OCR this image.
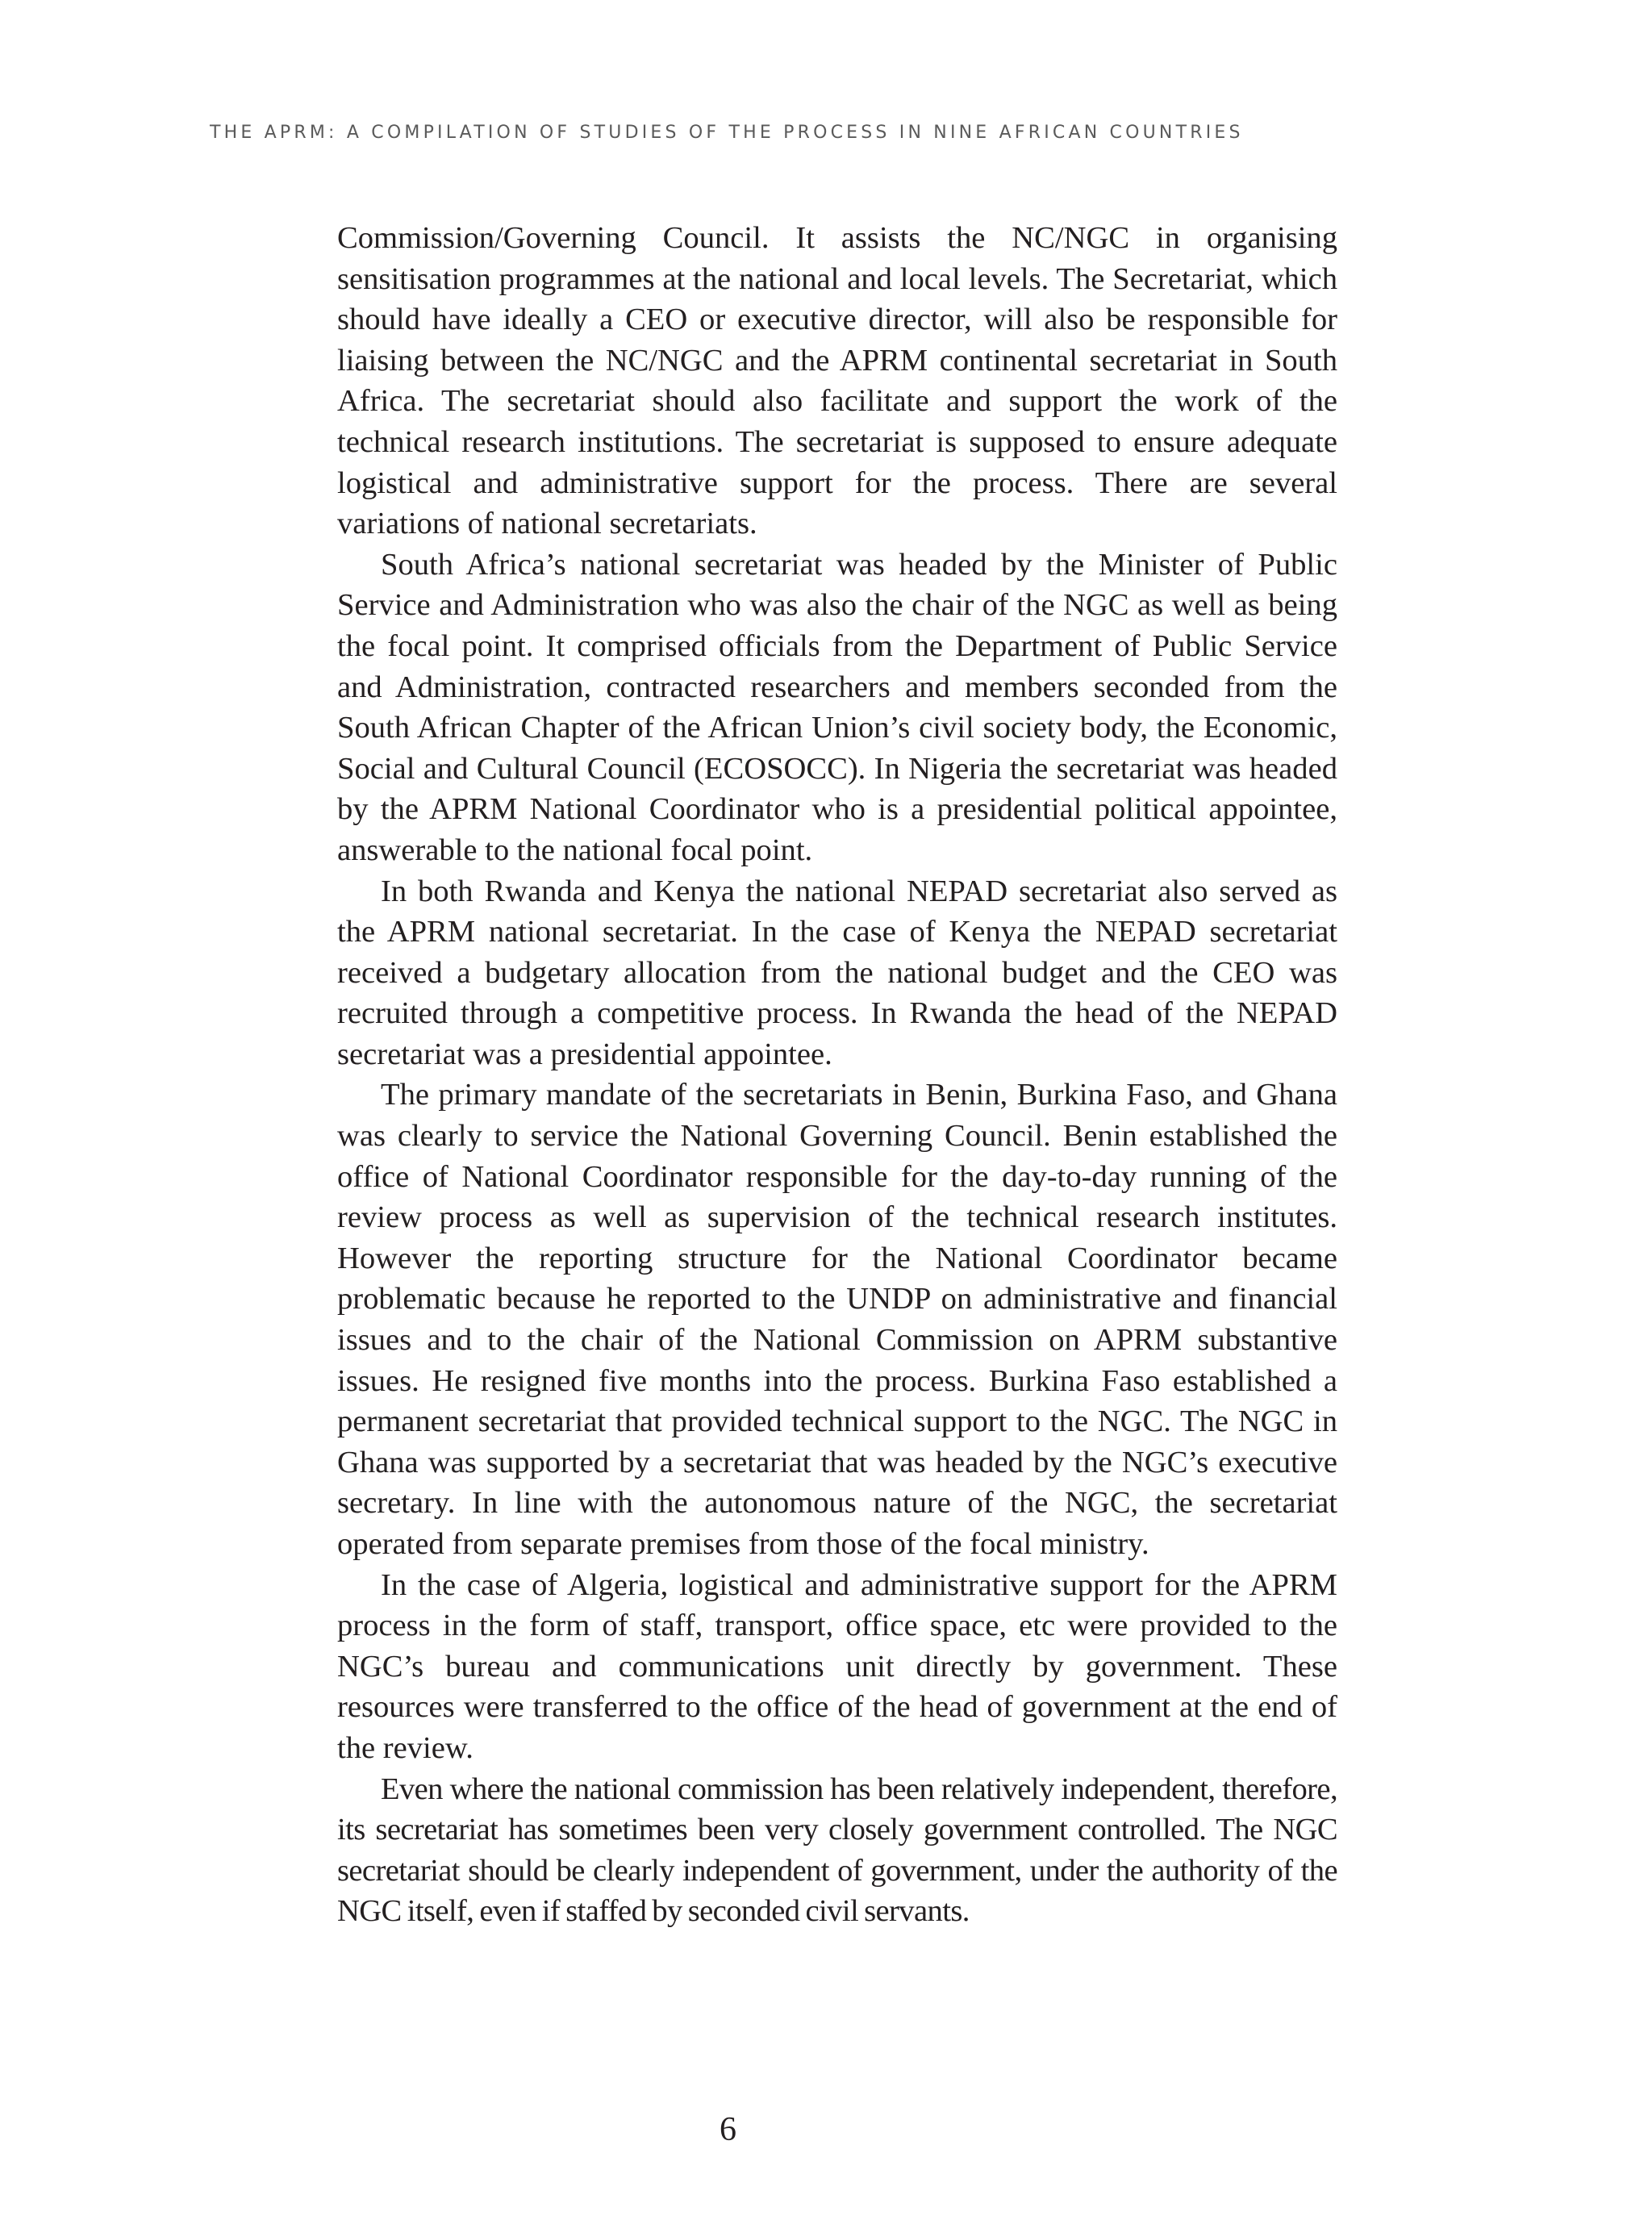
THE APRM: A COMPILATION OF STUDIES OF THE PROCESS IN NINE AFRICAN COUNTRIES

Commission/Governing Council. It assists the NC/NGC in organising sensitisation programmes at the national and local levels. The Secretariat, which should have ideally a CEO or executive director, will also be responsible for liaising between the NC/NGC and the APRM continental secretariat in South Africa. The secretariat should also facilitate and support the work of the technical research institutions. The secretariat is supposed to ensure adequate logistical and administrative support for the process. There are several variations of national secretariats.

South Africa’s national secretariat was headed by the Minister of Public Service and Administration who was also the chair of the NGC as well as being the focal point. It comprised officials from the Department of Public Service and Administration, contracted researchers and members seconded from the South African Chapter of the African Union’s civil society body, the Economic, Social and Cultural Council (ECOSOCC). In Nigeria the secretariat was headed by the APRM National Coordinator who is a presidential political appointee, answerable to the national focal point.

In both Rwanda and Kenya the national NEPAD secretariat also served as the APRM national secretariat. In the case of Kenya the NEPAD secretariat received a budgetary allocation from the national budget and the CEO was recruited through a competitive process. In Rwanda the head of the NEPAD secretariat was a presidential appointee.

The primary mandate of the secretariats in Benin, Burkina Faso, and Ghana was clearly to service the National Governing Council. Benin established the office of National Coordinator responsible for the day-to-day running of the review process as well as supervision of the technical research institutes. However the reporting structure for the National Coordinator became problematic because he reported to the UNDP on administrative and financial issues and to the chair of the National Commission on APRM substantive issues. He resigned five months into the process. Burkina Faso established a permanent secretariat that provided technical support to the NGC. The NGC in Ghana was supported by a secretariat that was headed by the NGC’s executive secretary. In line with the autonomous nature of the NGC, the secretariat operated from separate premises from those of the focal ministry.

In the case of Algeria, logistical and administrative support for the APRM process in the form of staff, transport, office space, etc were provided to the NGC’s bureau and communications unit directly by government. These resources were transferred to the office of the head of government at the end of the review.

Even where the national commission has been relatively independent, therefore, its secretariat has sometimes been very closely government controlled. The NGC secretariat should be clearly independent of government, under the authority of the NGC itself, even if staffed by seconded civil servants.

6
